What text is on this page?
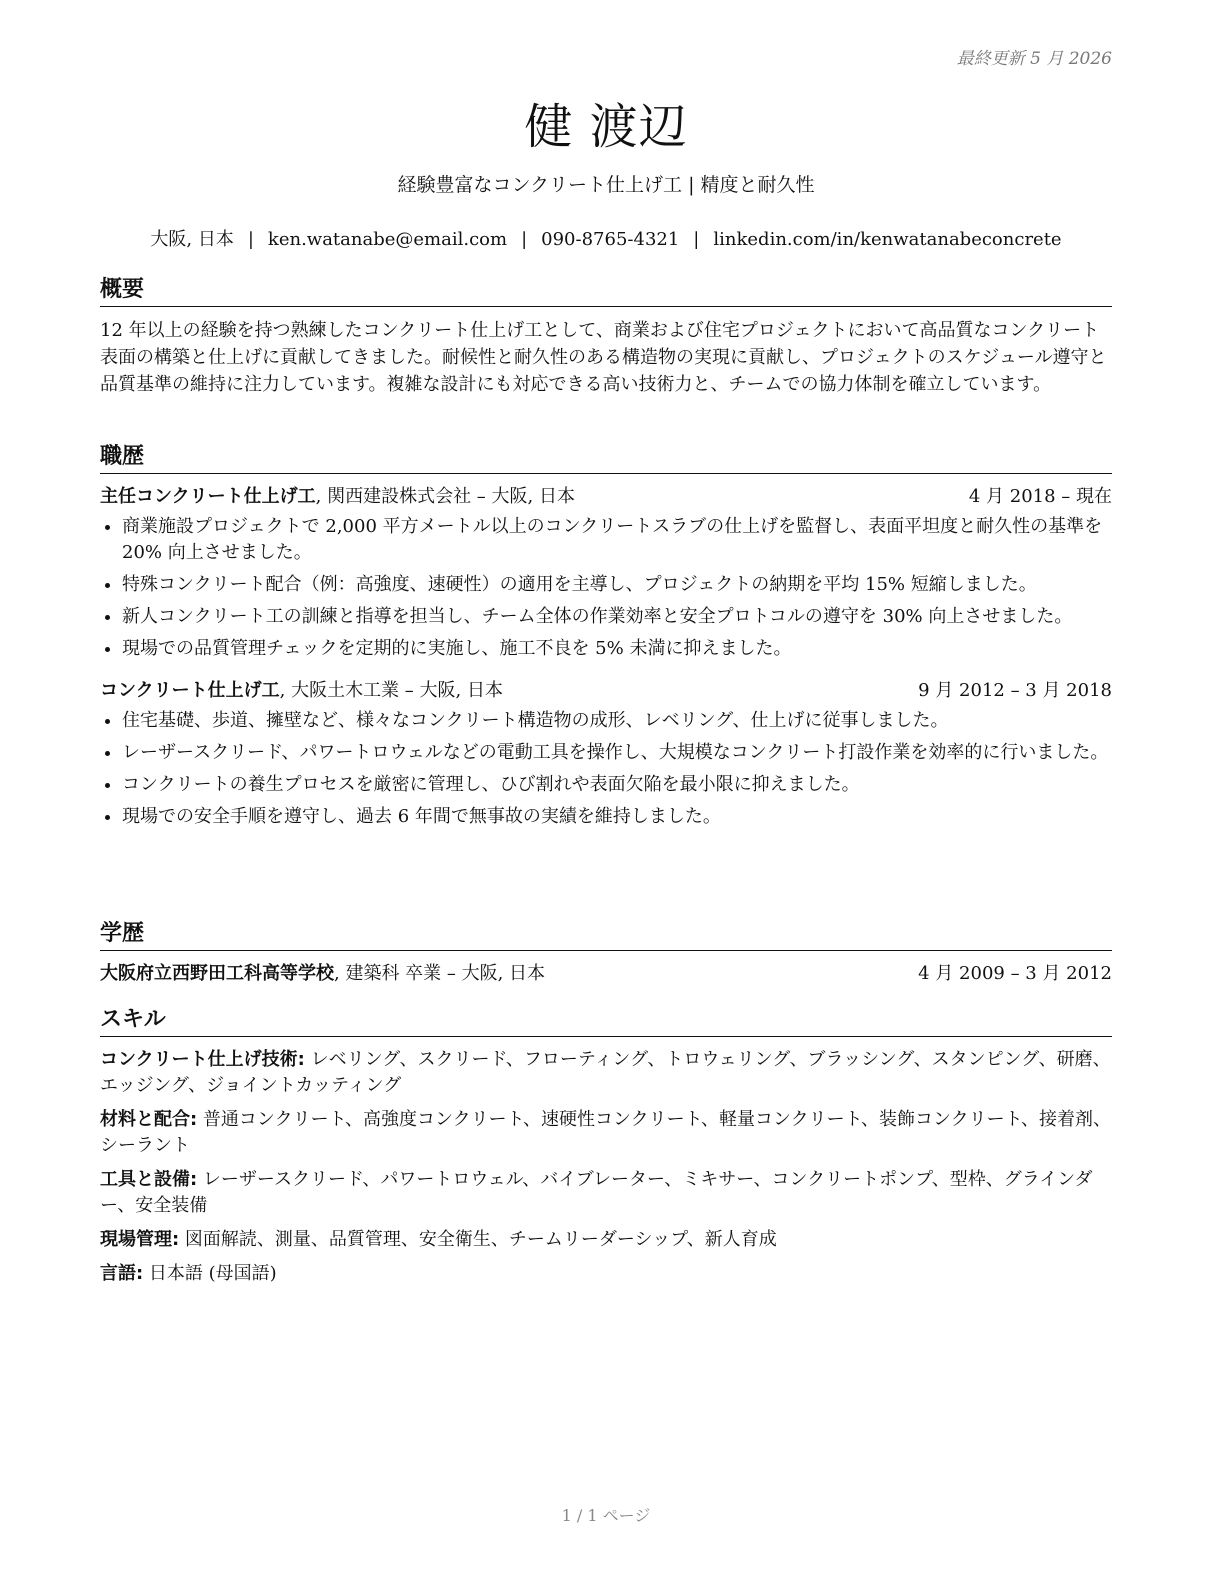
最終更新 5 月 2026
健 渡辺
経験豊富なコンクリート仕上げ工 | 精度と耐久性
大阪, 日本 | ken.watanabe@email.com | 090-8765-4321 | linkedin.com/in/kenwatanabeconcrete
概要

12 年以上の経験を持つ熟練したコンクリート仕上げ工として、商業および住宅プロジェクトにおいて高品質なコンクリート表面の構築と仕上げに貢献してきました。耐候性と耐久性のある構造物の実現に貢献し、プロジェクトのスケジュール遵守と品質基準の維持に注力しています。複雑な設計にも対応できる高い技術力と、チームでの協力体制を確立しています。

職歴
主任コンクリート仕上げ工, 関西建設株式会社 – 大阪, 日本	4 月 2018 – 現在
• 商業施設プロジェクトで 2,000 平方メートル以上のコンクリートスラブの仕上げを監督し、表面平坦度と耐久性の基準を 20% 向上させました。
• 特殊コンクリート配合（例：高強度、速硬性）の適用を主導し、プロジェクトの納期を平均 15% 短縮しました。
• 新人コンクリート工の訓練と指導を担当し、チーム全体の作業効率と安全プロトコルの遵守を 30% 向上させました。
• 現場での品質管理チェックを定期的に実施し、施工不良を 5% 未満に抑えました。
コンクリート仕上げ工, 大阪土木工業 – 大阪, 日本	9 月 2012 – 3 月 2018
• 住宅基礎、歩道、擁壁など、様々なコンクリート構造物の成形、レベリング、仕上げに従事しました。
• レーザースクリード、パワートロウェルなどの電動工具を操作し、大規模なコンクリート打設作業を効率的に行いました。
• コンクリートの養生プロセスを厳密に管理し、ひび割れや表面欠陥を最小限に抑えました。
• 現場での安全手順を遵守し、過去 6 年間で無事故の実績を維持しました。
学歴
大阪府立西野田工科高等学校, 建築科 卒業 – 大阪, 日本	4 月 2009 – 3 月 2012
スキル

コンクリート仕上げ技術: レベリング、スクリード、フローティング、トロウェリング、ブラッシング、スタンピング、研磨、エッジング、ジョイントカッティング

材料と配合: 普通コンクリート、高強度コンクリート、速硬性コンクリート、軽量コンクリート、装飾コンクリート、接着剤、シーラント

工具と設備: レーザースクリード、パワートロウェル、バイブレーター、ミキサー、コンクリートポンプ、型枠、グラインダー、安全装備

現場管理: 図面解読、測量、品質管理、安全衛生、チームリーダーシップ、新人育成

言語: 日本語 (母国語)

1 / 1 ページ
